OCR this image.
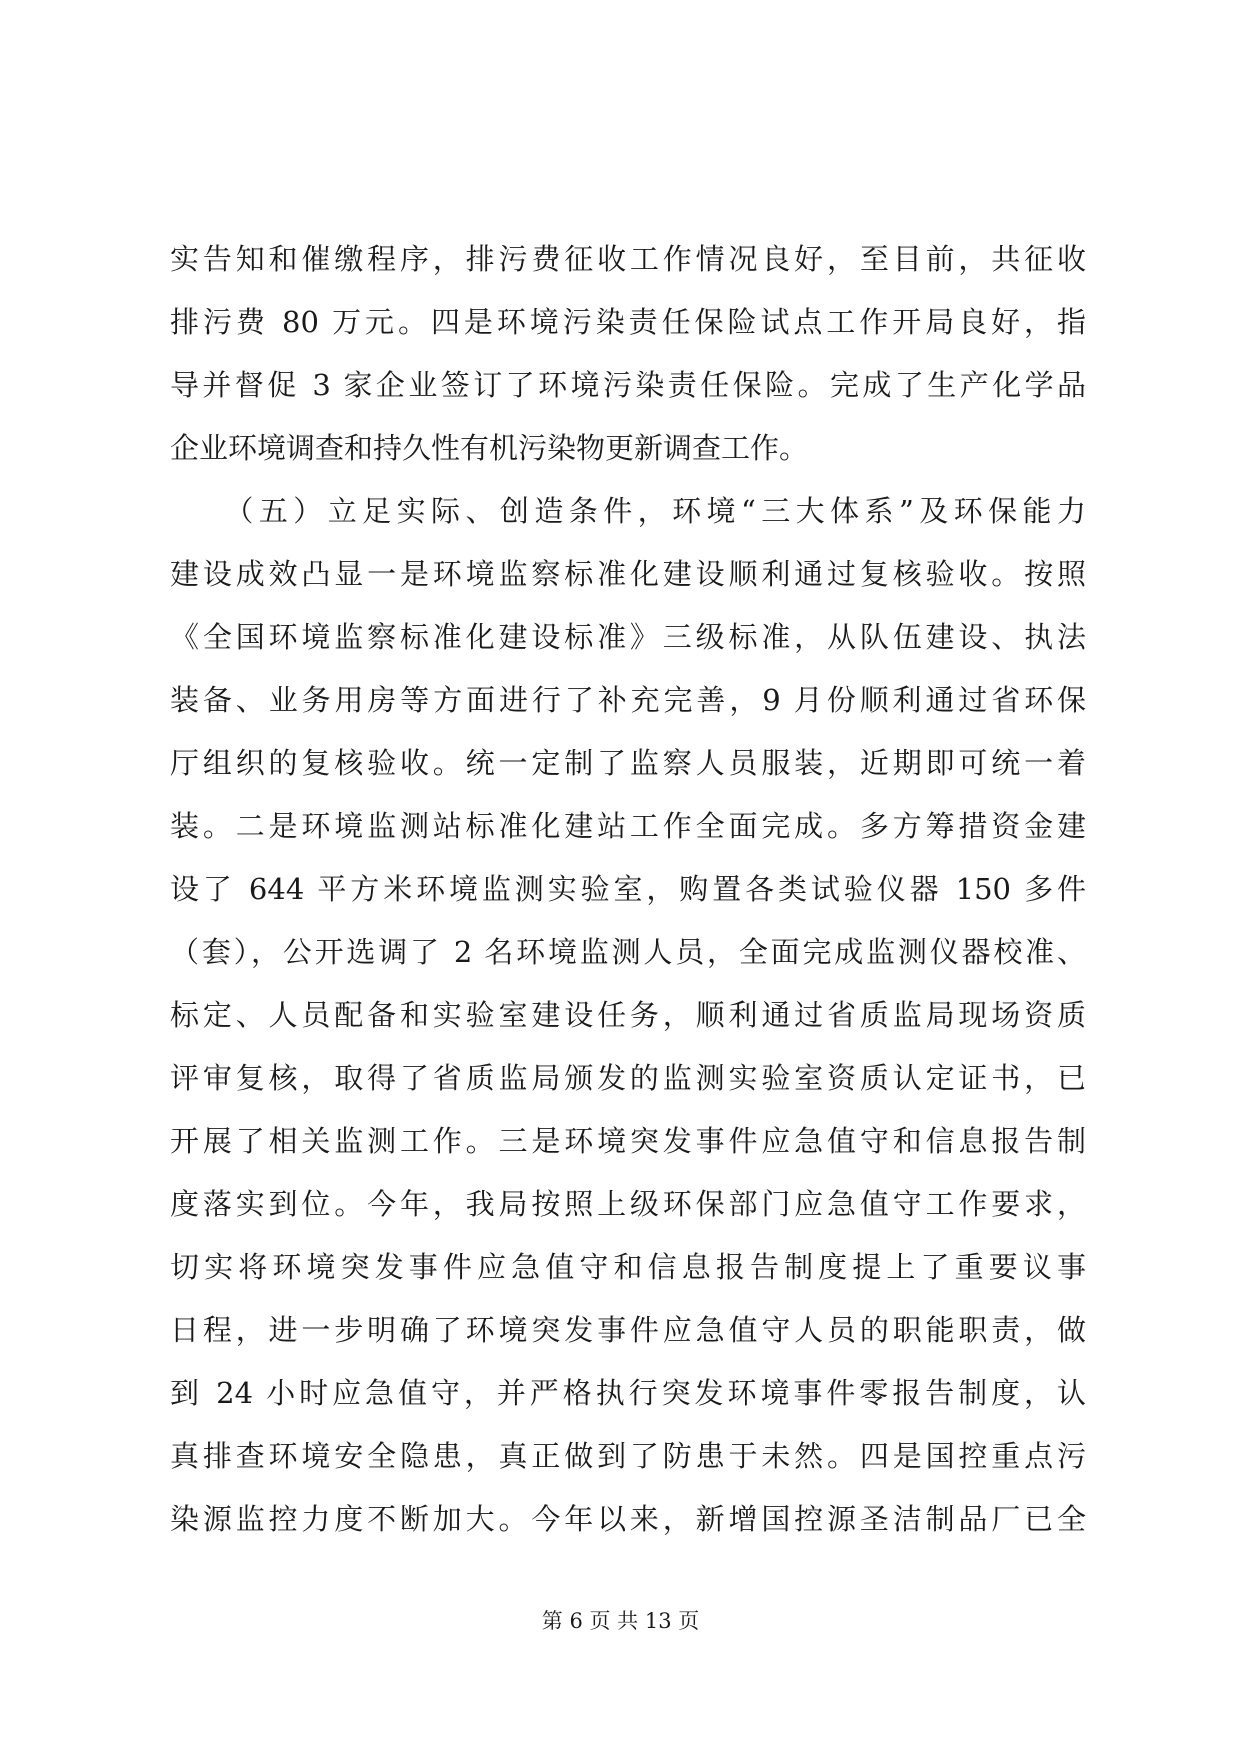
实告知和催缴程序，排污费征收工作情况良好，至目前，共征收
排污费 80 万元。四是环境污染责任保险试点工作开局良好，指
导并督促 3 家企业签订了环境污染责任保险。完成了生产化学品
企业环境调查和持久性有机污染物更新调查工作。
　　（五）立足实际、创造条件，环境“三大体系”及环保能力
建设成效凸显一是环境监察标准化建设顺利通过复核验收。按照
《全国环境监察标准化建设标准》三级标准，从队伍建设、执法
装备、业务用房等方面进行了补充完善，9 月份顺利通过省环保
厅组织的复核验收。统一定制了监察人员服装，近期即可统一着
装。二是环境监测站标准化建站工作全面完成。多方筹措资金建
设了 644 平方米环境监测实验室，购置各类试验仪器 150 多件
（套），公开选调了 2 名环境监测人员，全面完成监测仪器校准、
标定、人员配备和实验室建设任务，顺利通过省质监局现场资质
评审复核，取得了省质监局颁发的监测实验室资质认定证书，已
开展了相关监测工作。三是环境突发事件应急值守和信息报告制
度落实到位。今年，我局按照上级环保部门应急值守工作要求，
切实将环境突发事件应急值守和信息报告制度提上了重要议事
日程，进一步明确了环境突发事件应急值守人员的职能职责，做
到 24 小时应急值守，并严格执行突发环境事件零报告制度，认
真排查环境安全隐患，真正做到了防患于未然。四是国控重点污
染源监控力度不断加大。今年以来，新增国控源圣洁制品厂已全
第 6 页 共 13 页
